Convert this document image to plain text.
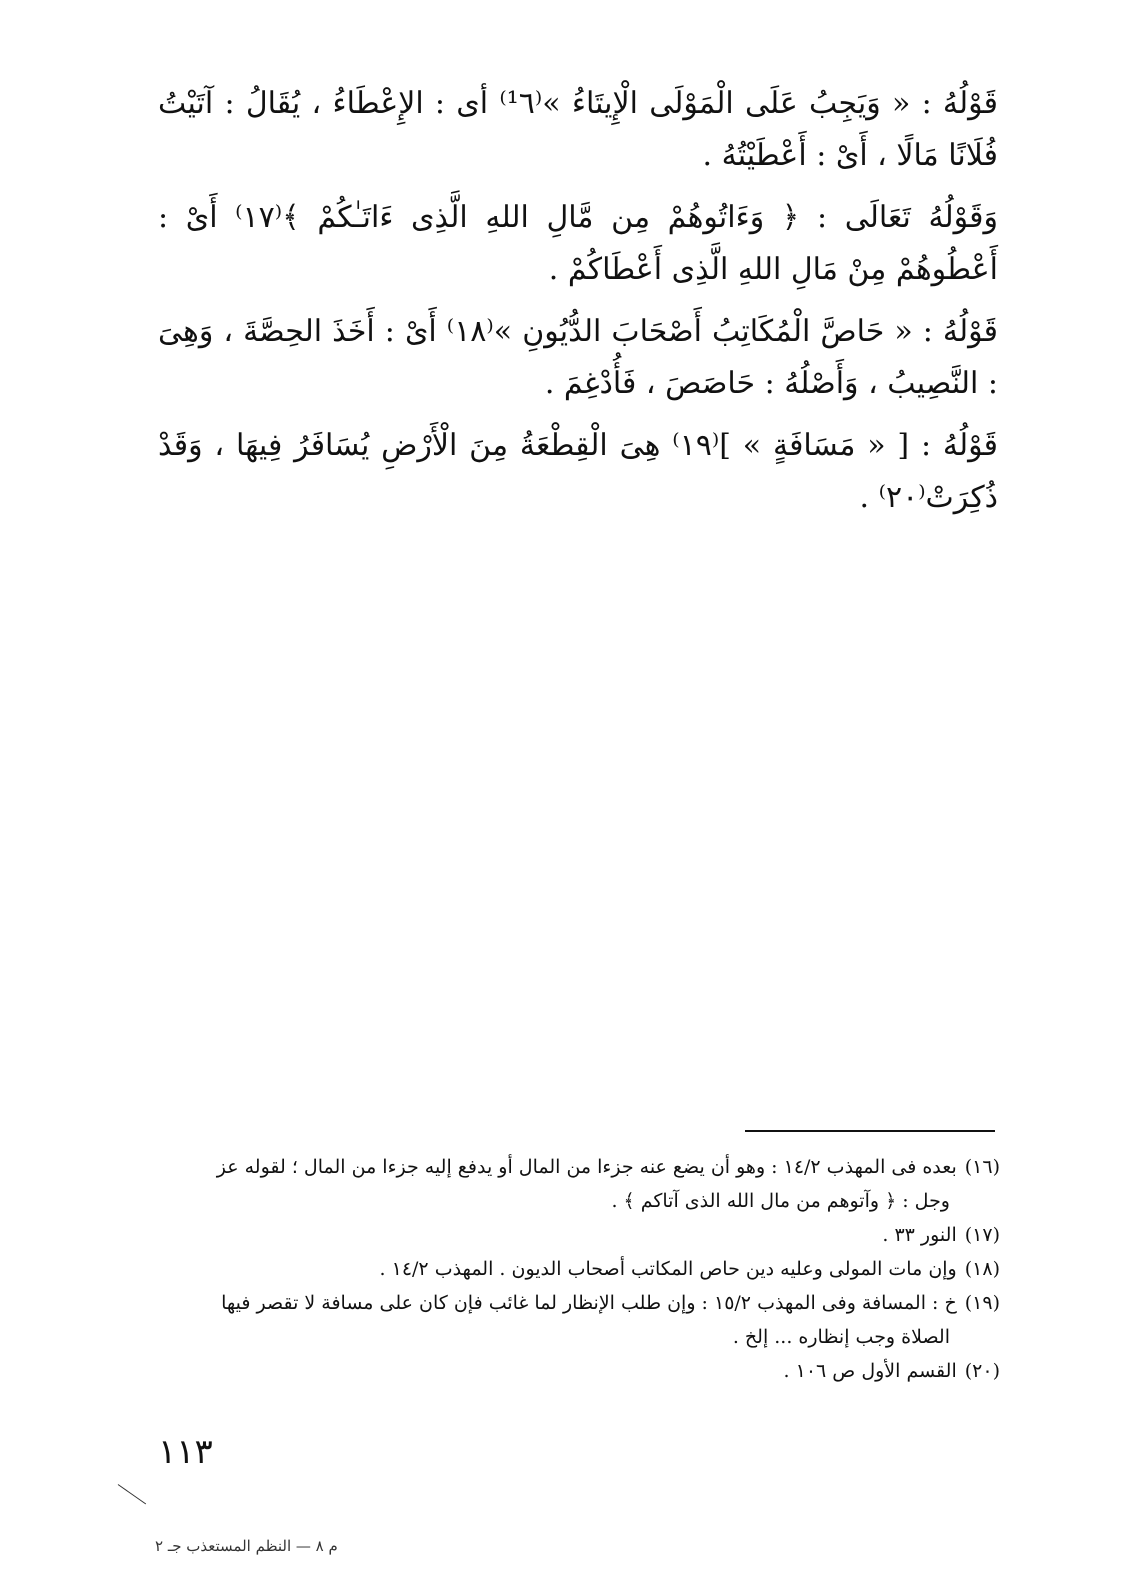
قَوْلُهُ : « وَيَجِبُ عَلَى الْمَوْلَى الْإِيتَاءُ »⁽¹٦⁾ أى : الإِعْطَاءُ ، يُقَالُ : آتَيْتُ فُلَانًا مَالًا ، أَىْ : أَعْطَيْتُهُ .

وَقَوْلُهُ تَعَالَى : ﴿ وَءَاتُوهُمْ مِن مَّالِ اللهِ الَّذِى ءَاتَـٰكُمْ ﴾⁽١٧⁾ أَىْ : أَعْطُوهُمْ مِنْ مَالِ اللهِ الَّذِى أَعْطَاكُمْ .

قَوْلُهُ : « حَاصَّ الْمُكَاتِبُ أَصْحَابَ الدُّيُونِ »⁽١٨⁾ أَىْ : أَخَذَ الحِصَّةَ ، وَهِىَ : النَّصِيبُ ، وَأَصْلُهُ : حَاصَصَ ، فَأُدْغِمَ .

قَوْلُهُ : [ « مَسَافَةٍ » ]⁽١٩⁾ هِىَ الْقِطْعَةُ مِنَ الْأَرْضِ يُسَافَرُ فِيهَا ، وَقَدْ ذُكِرَتْ⁽٢٠⁾ .

(١٦)بعده فى المهذب ١٤/٢ : وهو أن يضع عنه جزءا من المال أو يدفع إليه جزءا من المال ؛ لقوله عز
وجل : ﴿ وآتوهم من مال الله الذى آتاكم ﴾ .

(١٧)النور ٣٣ .

(١٨)وإن مات المولى وعليه دين حاص المكاتب أصحاب الديون . المهذب ١٤/٢ .

(١٩)خ : المسافة وفى المهذب ١٥/٢ : وإن طلب الإنظار لما غائب فإن كان على مسافة لا تقصر فيها
الصلاة وجب إنظاره ... إلخ .

(٢٠)القسم الأول ص ١٠٦ .

١١٣
م ٨ — النظم المستعذب جـ ٢
